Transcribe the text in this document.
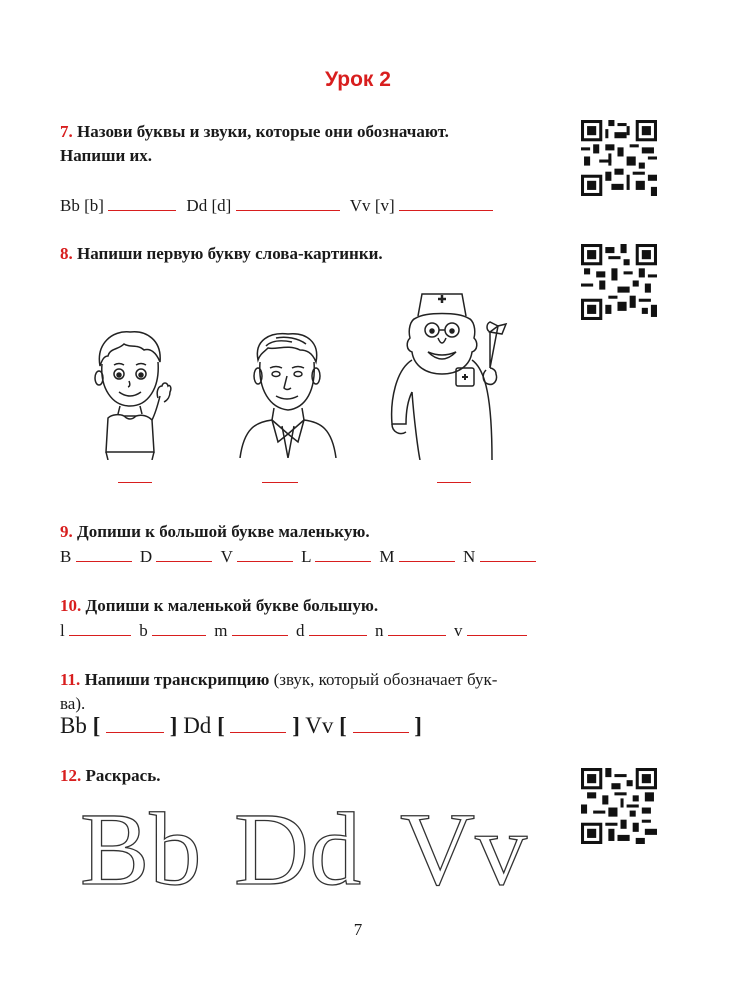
Урок 2
7. Назови буквы и звуки, которые они обозначают.
Напиши их.
Bb [b]	Dd [d]	Vv [v]
8. Напиши первую букву слова-картинки.
9. Допиши к большой букве маленькую.
B	D	V	L	M	N
10. Допиши к маленькой букве большую.
l	b	m	d	n	v
11. Напиши транскрипцию (звук, который обозначает бук-
ва).
Bb [	] Dd [	] Vv [	]
12. Раскрась.
Bb Dd Vv
7
